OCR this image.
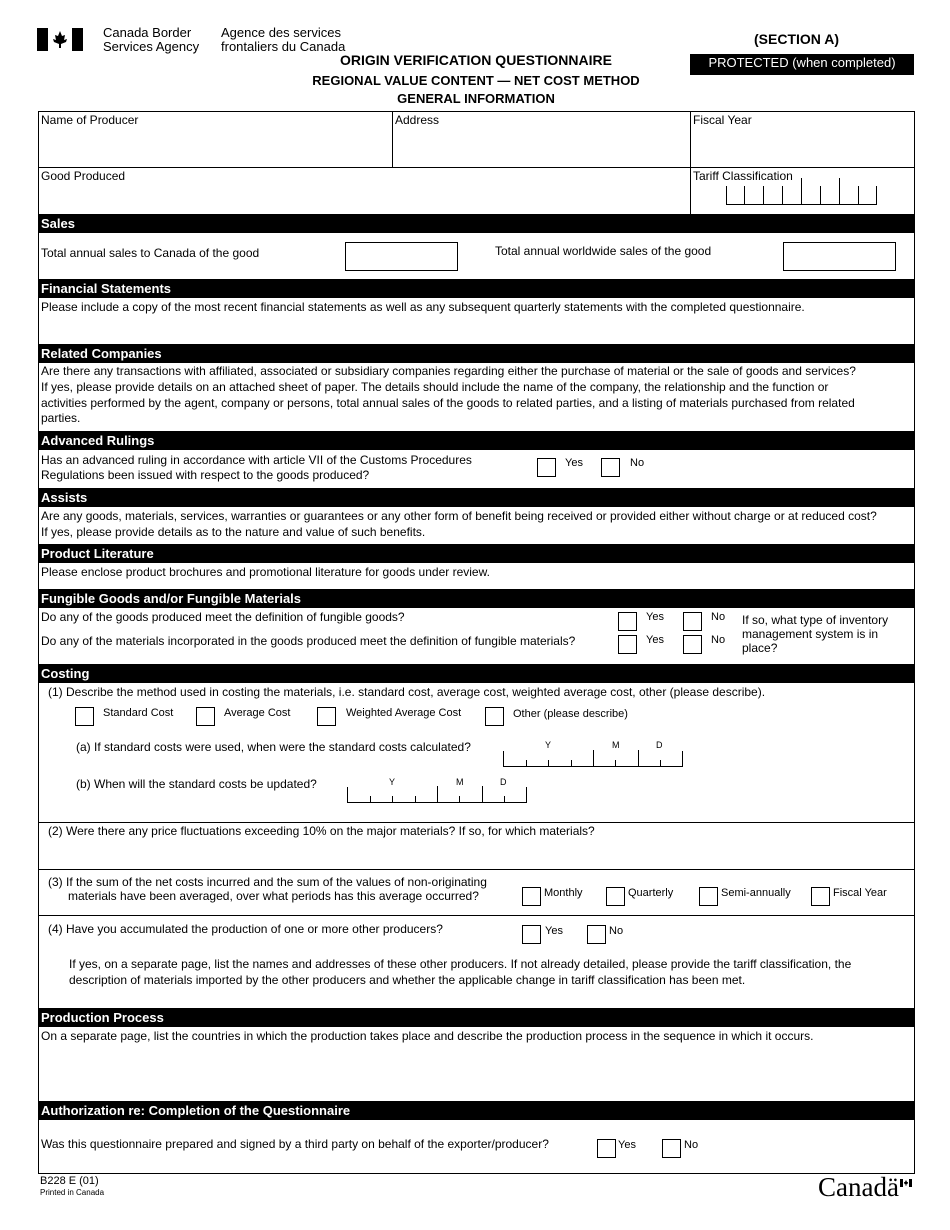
Canada Border
Services Agency
Agence des services
frontaliers du Canada	(SECTION A)
PROTECTED (when completed)
ORIGIN VERIFICATION QUESTIONNAIRE
REGIONAL VALUE CONTENT — NET COST METHOD
GENERAL INFORMATION
Name of Producer	Address	Fiscal Year
Good Produced	Tariff Classification
Sales
Total annual sales to Canada of the good	Total annual worldwide sales of the good
Financial Statements
Please include a copy of the most recent financial statements as well as any subsequent quarterly statements with the completed questionnaire.
Related Companies
Are there any transactions with affiliated, associated or subsidiary companies regarding either the purchase of material or the sale of goods and services?
If yes, please provide details on an attached sheet of paper. The details should include the name of the company, the relationship and the function or
activities performed by the agent, company or persons, total annual sales of the goods to related parties, and a listing of materials purchased from related
parties.
Advanced Rulings
Has an advanced ruling in accordance with article VII of the Customs Procedures
Regulations been issued with respect to the goods produced?
Yes	No
Assists
Are any goods, materials, services, warranties or guarantees or any other form of benefit being received or provided either without charge or at reduced cost?
If yes, please provide details as to the nature and value of such benefits.
Product Literature
Please enclose product brochures and promotional literature for goods under review.
Fungible Goods and/or Fungible Materials
Do any of the goods produced meet the definition of fungible goods?
Do any of the materials incorporated in the goods produced meet the definition of fungible materials?
Yes	No
Yes	No
If so, what type of inventory
management system is in
place?
Costing
(1) Describe the method used in costing the materials, i.e. standard cost, average cost, weighted average cost, other (please describe).
Standard Cost	Average Cost	Weighted Average Cost	Other (please describe)
(a) If standard costs were used, when were the standard costs calculated?	Y	M	D
(b) When will the standard costs be updated?	Y	M	D
(2) Were there any price fluctuations exceeding 10% on the major materials? If so, for which materials?
(3) If the sum of the net costs incurred and the sum of the values of non-originating
materials have been averaged, over what periods has this average occurred?	Monthly	Quarterly	Semi-annually	Fiscal Year
(4) Have you accumulated the production of one or more other producers?	Yes	No
If yes, on a separate page, list the names and addresses of these other producers. If not already detailed, please provide the tariff classification, the
description of materials imported by the other producers and whether the applicable change in tariff classification has been met.
Production Process
On a separate page, list the countries in which the production takes place and describe the production process in the sequence in which it occurs.
Authorization re: Completion of the Questionnaire
Was this questionnaire prepared and signed by a third party on behalf of the exporter/producer?	Yes	No
B228 E (01)
Printed in Canada	Canadä
